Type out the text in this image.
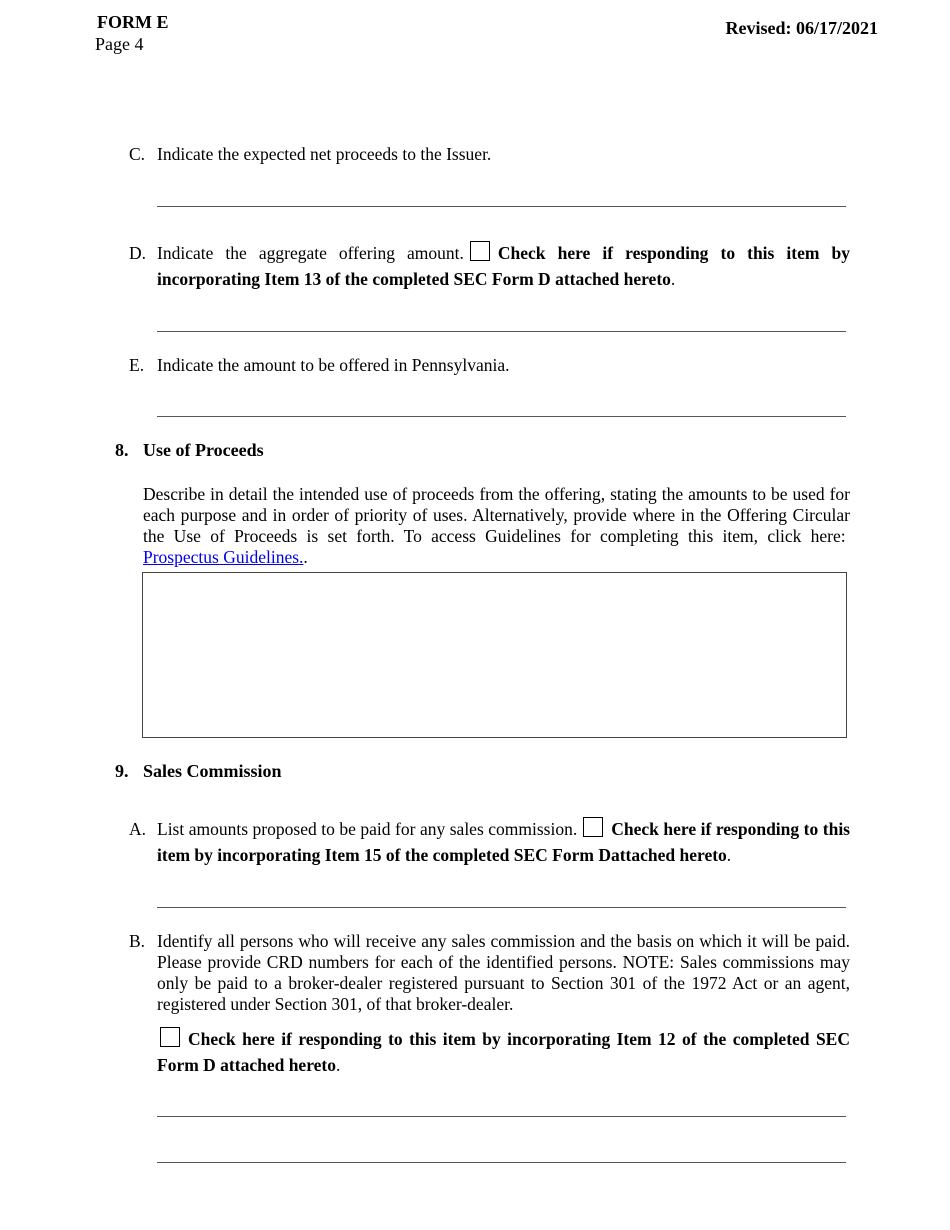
FORM E
Page 4
Revised: 06/17/2021
C. Indicate the expected net proceeds to the Issuer.
D. Indicate the aggregate offering amount. Check here if responding to this item by incorporating Item 13 of the completed SEC Form D attached hereto.
E. Indicate the amount to be offered in Pennsylvania.
8. Use of Proceeds
Describe in detail the intended use of proceeds from the offering, stating the amounts to be used for each purpose and in order of priority of uses. Alternatively, provide where in the Offering Circular the Use of Proceeds is set forth. To access Guidelines for completing this item, click here:  Prospectus Guidelines..
9. Sales Commission
A. List amounts proposed to be paid for any sales commission. Check here if responding to this item by incorporating Item 15 of the completed SEC Form Dattached hereto.
B. Identify all persons who will receive any sales commission and the basis on which it will be paid. Please provide CRD numbers for each of the identified persons. NOTE: Sales commissions may only be paid to a broker-dealer registered pursuant to Section 301 of the 1972 Act or an agent, registered under Section 301, of that broker-dealer.
Check here if responding to this item by incorporating Item 12 of the completed SEC Form D attached hereto.
